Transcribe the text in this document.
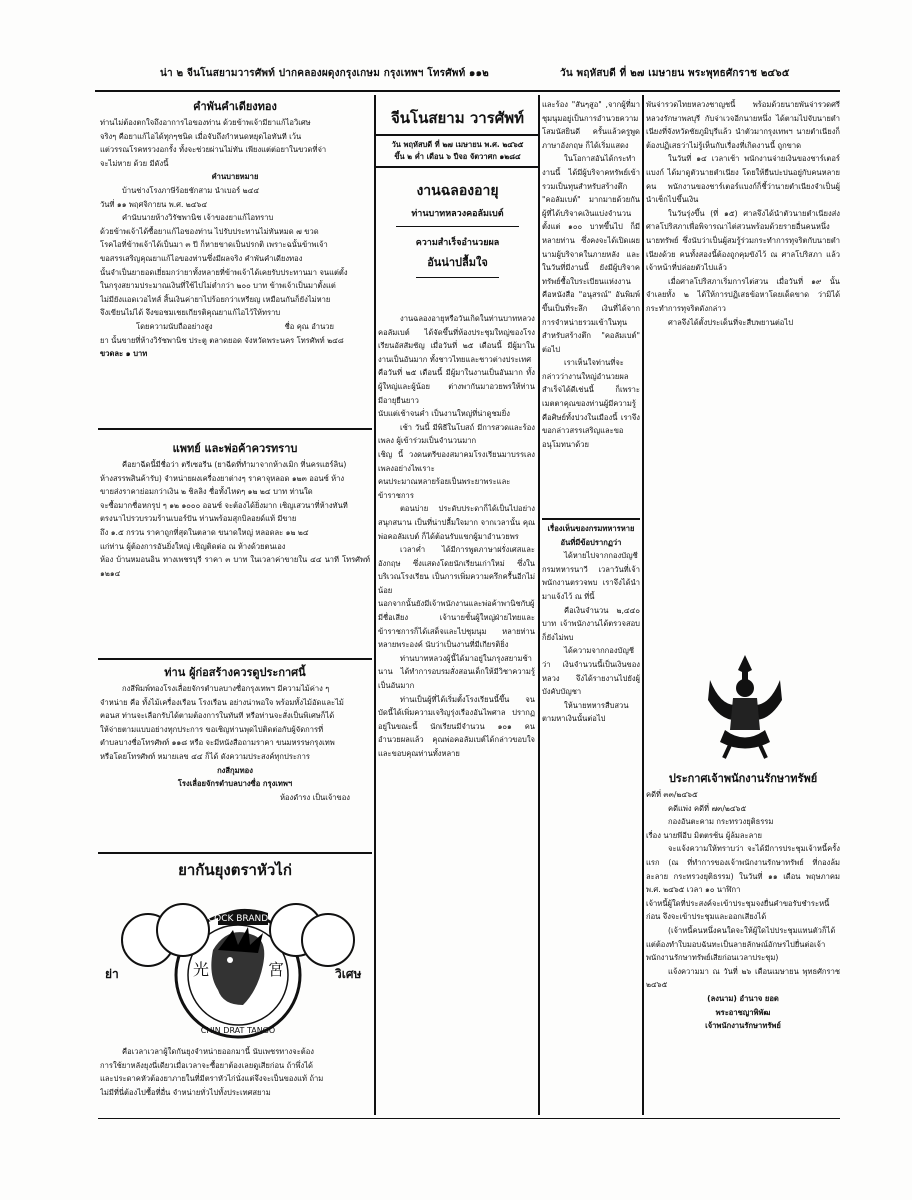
น่า ๒ จีนโนสยามวารศัพท์ ปากคลองผดุงกรุงเกษม กรุงเทพฯ โทรศัพท์ ๑๑๒	วัน พฤหัสบดี ที่ ๒๗ เมษายน พระพุทธศักราช ๒๔๖๕
คำพันคำเดียงทอง

ท่านไม่ต้องตกใจถึงอาการไอของท่าน ด้วยข้าพเจ้ามียาแก้ไอวิเศษ

จริงๆ คือยาแก้ไอได้ทุกๆชนิด เมื่อจับถึงกำหนดหยุดไอทันที เว้น

แต่วรรณโรคทรวงอกรั้ง ทั้งจะช่วยผ่านไม่ทัน เพียงแต่ต่อยาในขวดที่จ่า

จะไม่หาย ด้วย มีดังนี้

คำนบายหมาย

บ้านช่างโรงภาษีร้อยชักสาม นำเบอร์ ๒๔๔

วันที่ ๑๑ พฤศจิกายน พ.ศ. ๒๔๖๔

คำนับนายห้างวิรัชพานิช เจ้าของยาแก้ไอทราบ

ด้วยข้าพเจ้าได้ซื้อยาแก้ไอของท่าน ไปรับประทานไม่ทันหมด ๗ ขวด

โรคไอที่ข้าพเจ้าได้เป็นมา ๓ ปี ก็หายขาดเป็นปรกติ เพราะฉนั้นข้าพเจ้า

ขอสรรเสริญคุณยาแก้ไอของท่านซึ่งมีผลจริง คำพันคำเดียงทอง

นั้นจำเป็นยายอดเยี่ยมกว่ายาทั้งหลายที่ข้าพเจ้าได้เคยรับประทานมา จนแต่ตั้ง

ในกรุงสยามประมาณเงินที่ใช้ไปไม่ต่ำกว่า ๒๐๐ บาท ข้าพเจ้าเป็นมาตั้งแต่

ไม่มียังแอดเวอไทส์ สิ้นเงินค่ายาไปร้อยกว่าเหรียญ เหมือนกันก็ยังไม่หาย

จึงเขียนไม่ได้ จึงขอชมเชยเกียรติคุณยาแก้ไอไว้ให้ทราบ

โดยความนับถืออย่างสูง	ชื่อ คุณ อำนวย

ยา นั้นขายที่ห้างวิรัชพานิช ประตู ตลาดยอด จังหวัดพระนคร โทรศัพท์ ๒๔๘

ขวดละ ๑ บาท

แพทย์ และพ่อค้าควรทราบ

คือยาฉีดนี้มีชื่อว่า ตรีเซอรีน (ยาฉีดที่ทำมาจากห้างเมิก ที่นครแฮร์ลิน)

ห้างสรรพสินค้ารับ) จำหน่ายผงเครื่องยาต่างๆ ราคาจุหลอด ๑๒๓ ออนซ์ ห้าง

ขายส่งราคาย่อมกว่าเงิน ๒ ชิลลิง ชื่อทั้งไหดๆ ๑๒ ๒๔ บาท ท่านใด

จะซื้อมากชื่อหกรุป ๆ ๑๒ ๑๐๐๐ ออนซ์ จะต้องได้ยิ่งมาก เชิญเสวนาที่ห้างทันที

ตรงนาไปรวบรวมร้านเบอร์ปัน ท่านพร้อมสุกบิลอยด์แท้ มีขาย

ถึง ๑.๕ กรวน ราคาถูกที่สุดในตลาด ขนาดใหญ่ หลอดละ ๑๒ ๒๔

แก่ท่าน ผู้ต้องการอันยิ่งใหญ่ เชิญติดต่อ ณ ห้างด้วยตนเอง

ห้อง บ้านหมอนอิน ทางเพชรบุรี ราคา ๓ บาท ในเวลาค่าขายใน ๔๔ นาที โทรศัพท์ ๑๒๑๔

ท่าน ผู้ก่อสร้างควรดูประกาศนี้

กงสีพิมพ์ทองโรงเลื่อยจักรตำบลบางซื่อกรุงเทพฯ มีความไม้ค่าง ๆ

จำหน่าย คือ ทั้งไม้เครื่องเรือน โรงเรือน อย่างน่าพอใจ พร้อมทั้งไม้อัดและไม้

ฅอนส ท่านจะเลือกรับได้ตามต้องการในทันที หรือท่านจะสั่งเป็นพิเศษก็ได้

ให้จ่ายตามแบบอย่างทุกประการ ขอเชิญท่านพุดไปติดต่อกับผู้จัดการที่

ตำบลบางซื่อโทรศัพท์ ๑๑๘ หรือ จะมีหนังสือถามราคา ขนมหรรษกรุงเทพ

หรือโดยโทรศัพท์ หมายเลข ๔๔ ก็ได้ ดังความประสงค์ทุกประการ

กงสีกุมทอง
โรงเลื่อยจักรตำบลบางซื่อ กรุงเทพฯ
ห้องดำรง เป็นเจ้าของ
ยากันยุงตราหัวไก่
ย่า	วิเศษ
光	宮
COCK BRAND
CHIN DRAT TANGO

คือเวลาเวลาผู้ใดกันยุงจำหน่ายออกมานี้ นับเพชรทางจะต้อง

การใช้ยาหลังยุงนี่เดียวเมื่อเวลาจะซื้อยาต้องเลยดูเสียก่อน ถ้าพึ่งได้

และประดาคหัวต้องยาภายในที่มีตราหัวไก่นั่งแต่จึงจะเป็นของแท้ ถ้าม

ไม่มีที่นี่ต้องไปซื้อที่อื่น จำหน่ายทั่วไปทั้งประเทศสยาม

จีนโนสยาม วารศัพท์
วัน พฤหัสบดี ที่ ๒๗ เมษายน พ.ศ. ๒๔๖๕
ขึ้น ๒ ค่ำ เดือน ๖ ปีจอ จัตวาศก ๑๒๘๔
งานฉลองอายุ
ท่านบาทหลวงคอลัมเบต์
ความสำเร็จอำนวยผล
อันน่าปลื้มใจ

งานฉลองอายุหรือวันเกิดในท่านบาทหลวงคอลัมเบต์ ได้จัดขึ้นที่ห้องประชุมใหญ่ของโรงเรียนอัสสัมชัญ เมื่อวันที่ ๒๕ เดือนนี้ มีผู้มาในงานเป็นอันมาก ทั้งชาวไทยและชาวต่างประเทศ

คือวันที่ ๒๕ เดือนนี้ มีผู้มาในงานเป็นอันมาก ทั้งผู้ใหญ่และผู้น้อย ต่างพากันมาอวยพรให้ท่านมีอายุยืนยาว

นับแต่เช้าจนค่ำ เป็นงานใหญ่ที่น่าดูชมยิ่ง

เช้า วันนี้ มีพิธีในโบสถ์ มีการสวดและร้องเพลง ผู้เข้าร่วมเป็นจำนวนมาก

เชิญ นี้ วงดนตรีของสมาคมโรงเรียนมาบรรเลงเพลงอย่างไพเราะ

คนประมาณหลายร้อยเป็นพระยาพระและข้าราชการ

ตอนบ่าย ประดับประดาก็ได้เป็นไปอย่างสนุกสนาน เป็นที่น่าปลื้มใจมาก จากเวลานั้น คุณพ่อคอลัมเบต์ ก็ได้ต้อนรับแขกผู้มาอำนวยพร

เวลาค่ำ ได้มีการพูดภาษาฝรั่งเศสและอังกฤษ ซึ่งแสดงโดยนักเรียนเก่าใหม่ ซึ่งในบริเวณโรงเรียน เป็นการเพิ่มความครึกครื้นอีกไม่น้อย

นอกจากนั้นยังมีเจ้าพนักงานและพ่อค้าพานิชกับผู้มีชื่อเสียง เจ้านายชั้นผู้ใหญ่ฝ่ายไทยและข้าราชการก็ได้เสด็จและไปชุมนุม หลายท่านหลายพระองค์ นับว่าเป็นงานที่มีเกียรติยิ่ง

ท่านบาทหลวงผู้นี้ได้มาอยู่ในกรุงสยามช้านาน ได้ทำการอบรมสั่งสอนเด็กให้มีวิชาความรู้เป็นอันมาก

ท่านเป็นผู้ที่ได้เริ่มตั้งโรงเรียนนี้ขึ้น จนบัดนี้ได้เพิ่มความเจริญรุ่งเรืองอันไพศาล ปรากฏอยู่ในขณะนี้ นักเรียนมีจำนวน ๑๐๑ คน อำนวยผลแล้ว คุณพ่อคอลัมเบต์ได้กล่าวขอบใจ และขอบคุณท่านทั้งหลาย

และร้อง "สันๆสูอ" ,จากผู้ที่มาชุมนุมอยู่เป็นการอำนวยความโสมนัสยินดี ครั้นแล้วครูพูดภาษาอังกฤษ ก็ได้เริ่มแสดง

ในโอกาสอันได้กระทำงานนี้ ได้มีผู้บริจาคทรัพย์เข้ารวมเป็นทุนสำหรับสร้างตึก "คอลัมเบต์" มากมายด้วยกัน ผู้ที่ได้บริจาคเงินแบ่งจำนวนตั้งแต่ ๑๐๐ บาทขึ้นไป ก็มีหลายท่าน ซึ่งคงจะได้เปิดเผยนามผู้บริจาคในภายหลัง และในวันที่มีงานนี้ ยังมีผู้บริจาคทรัพย์ซื้อใบระเบียนแห่งงาน คือหนังสือ "อนุสรณ์" อันพิมพ์ขึ้นเป็นที่ระลึก เงินที่ได้จากการจำหน่ายรวมเข้าในทุนสำหรับสร้างตึก "คอลัมเบต์" ต่อไป

เราเห็นใจท่านที่จะกล่าวว่างานใหญ่อำนวยผลสำเร็จได้ดีเช่นนี้ ก็เพราะเมตตาคุณของท่านผู้มีความรู้คือศิษย์ทั้งปวงในเมืองนี้ เราจึงขอกล่าวสรรเสริญและขออนุโมทนาด้วย

เรื่องเห็นของกรมทหารหาย
อันที่มีข้อปรากฏว่า

ได้หายไปจากกองบัญชีกรมทหารนาวี เวลาวันที่เจ้าพนักงานตรวจพบ เราจึงได้นำมาแจ้งไว้ ณ ที่นี้

คือเงินจำนวน ๒,๔๔๐ บาท เจ้าพนักงานได้ตรวจสอบก็ยังไม่พบ

ได้ความจากกองบัญชีว่า เงินจำนวนนี้เป็นเงินของหลวง จึงได้รายงานไปยังผู้บังคับบัญชา

ให้นายทหารสืบสวนตามหาเงินนั้นต่อไป

พันจ่ารวดไทยหลวงชาญชนี้ พร้อมด้วยนายพันจ่ารวดศรีหลวงรักษาพลบุรี กับจ่าเวจอีกนายหนึ่ง ได้ตามไปจับนายตำเนียงที่จังหวัดชัยภูมิบุรีแล้ว นำตัวมากรุงเทพฯ นายตำเนียงก็ต้องปฏิเสธว่าไม่รู้เห็นกับเรื่องที่เกิดงานนี้ ถูกขาด

ในวันที่ ๑๔ เวลาเช้า พนักงานจ่ายเงินของชาร์เตอร์แบงก์ ได้มาดูตัวนายตำเนียง โดยให้ยืนปะปนอยู่กับคนหลายคน พนักงานของชาร์เตอร์แบงก์ก็ชี้ว่านายตำเนียงจำเป็นผู้นำเช็กไปขึ้นเงิน

ในวันรุ่งขึ้น (ที่ ๑๕) ศาลจึงได้นำตัวนายตำเนียงส่งศาลโปริสภาเพื่อพิจารณาไต่สวนพร้อมด้วยรายอื่นคนหนึ่ง นายทรัพย์ ซึ่งนับว่าเป็นผู้สมรู้ร่วมกระทำการทุจริตกับนายตำเนียงด้วย คนทั้งสองนี้ต้องถูกคุมขังไว้ ณ ศาลโปริสภา แล้วเจ้าหน้าที่ปล่อยตัวไปแล้ว

เมื่อศาลโปริสภาเริ่มการไต่สวน เมื่อวันที่ ๑๙ นั้น จำเลยทั้ง ๒ ได้ให้การปฏิเสธข้อหาโดยเด็ดขาด ว่ามิได้กระทำการทุจริตดังกล่าว

ศาลจึงได้ตั้งประเด็นที่จะสืบพยานต่อไป

ประกาศเจ้าพนักงานรักษาทรัพย์

คดีที่ ๓๓/๒๔๖๕

คดีแพ่ง คดีที่ ๗๓/๒๔๖๕

กองอันตะคาม กระทรวงยุติธรรม

เรื่อง นายพีอีบ มิตตรช้น ผู้ล้มละลาย

จะแจ้งความให้ทราบว่า จะได้มีการประชุมเจ้าหนี้ครั้งแรก (ณ ที่ทำการของเจ้าพนักงานรักษาทรัพย์ ที่กองล้มละลาย กระทรวงยุติธรรม) ในวันที่ ๑๑ เดือน พฤษภาคม พ.ศ. ๒๔๖๕ เวลา ๑๐ นาฬิกา

เจ้าหนี้ผู้ใดที่ประสงค์จะเข้าประชุมจงยื่นคำขอรับชำระหนี้ก่อน จึงจะเข้าประชุมและออกเสียงได้

(เจ้าหนี้คนหนึ่งคนใดจะให้ผู้ใดไปประชุมแทนตัวก็ได้ แต่ต้องทำใบมอบฉันทะเป็นลายลักษณ์อักษรไปยื่นต่อเจ้าพนักงานรักษาทรัพย์เสียก่อนเวลาประชุม)

แจ้งความมา ณ วันที่ ๒๖ เดือนเมษายน พุทธศักราช ๒๔๖๕

(ลงนาม) อำนาจ ยอด
พระอาชญาพิพัฒ
เจ้าพนักงานรักษาทรัพย์
